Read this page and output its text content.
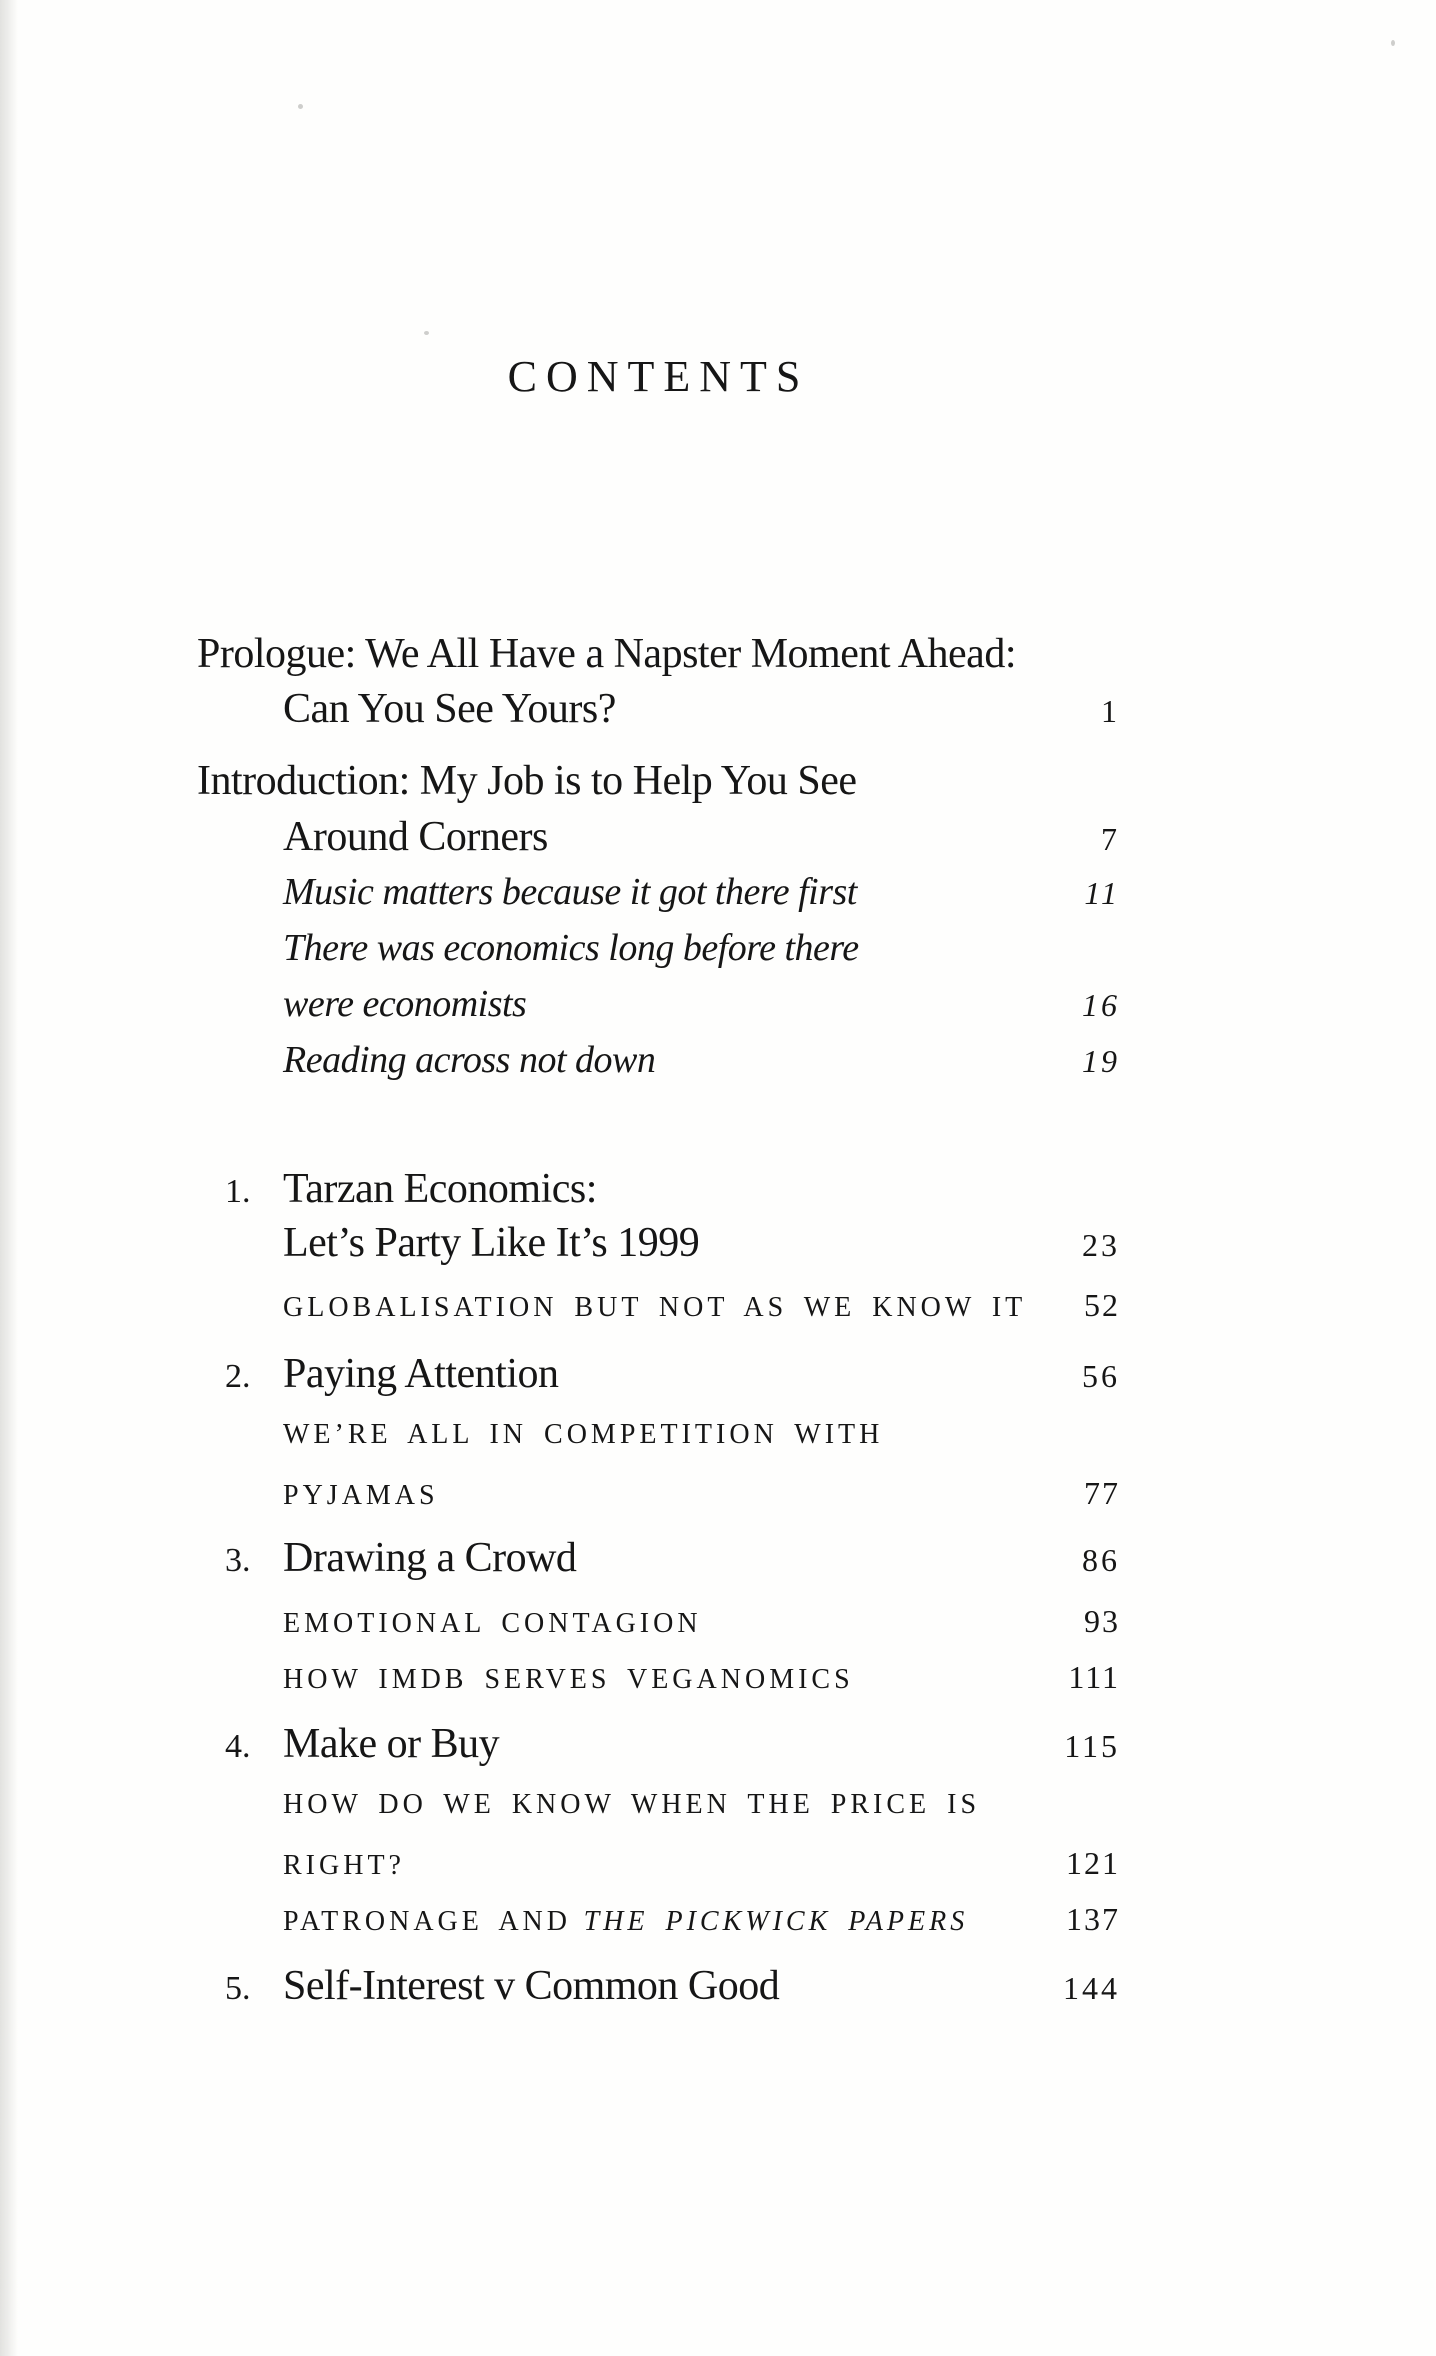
CONTENTS
Prologue: We All Have a Napster Moment Ahead:
Can You See Yours?	1
Introduction: My Job is to Help You See
Around Corners	7
Music matters because it got there first	11
There was economics long before there
were economists	16
Reading across not down	19
1. Tarzan Economics:
Let’s Party Like It’s 1999	23
GLOBALISATION BUT NOT AS WE KNOW IT 52
2. Paying Attention	56
WE’RE ALL IN COMPETITION WITH
PYJAMAS	77
3. Drawing a Crowd	86
EMOTIONAL CONTAGION	93
HOW IMDB SERVES VEGANOMICS	111
4. Make or Buy	115
HOW DO WE KNOW WHEN THE PRICE IS
RIGHT?	121
PATRONAGE AND THE PICKWICK PAPERS	137
5. Self-Interest v Common Good	144
